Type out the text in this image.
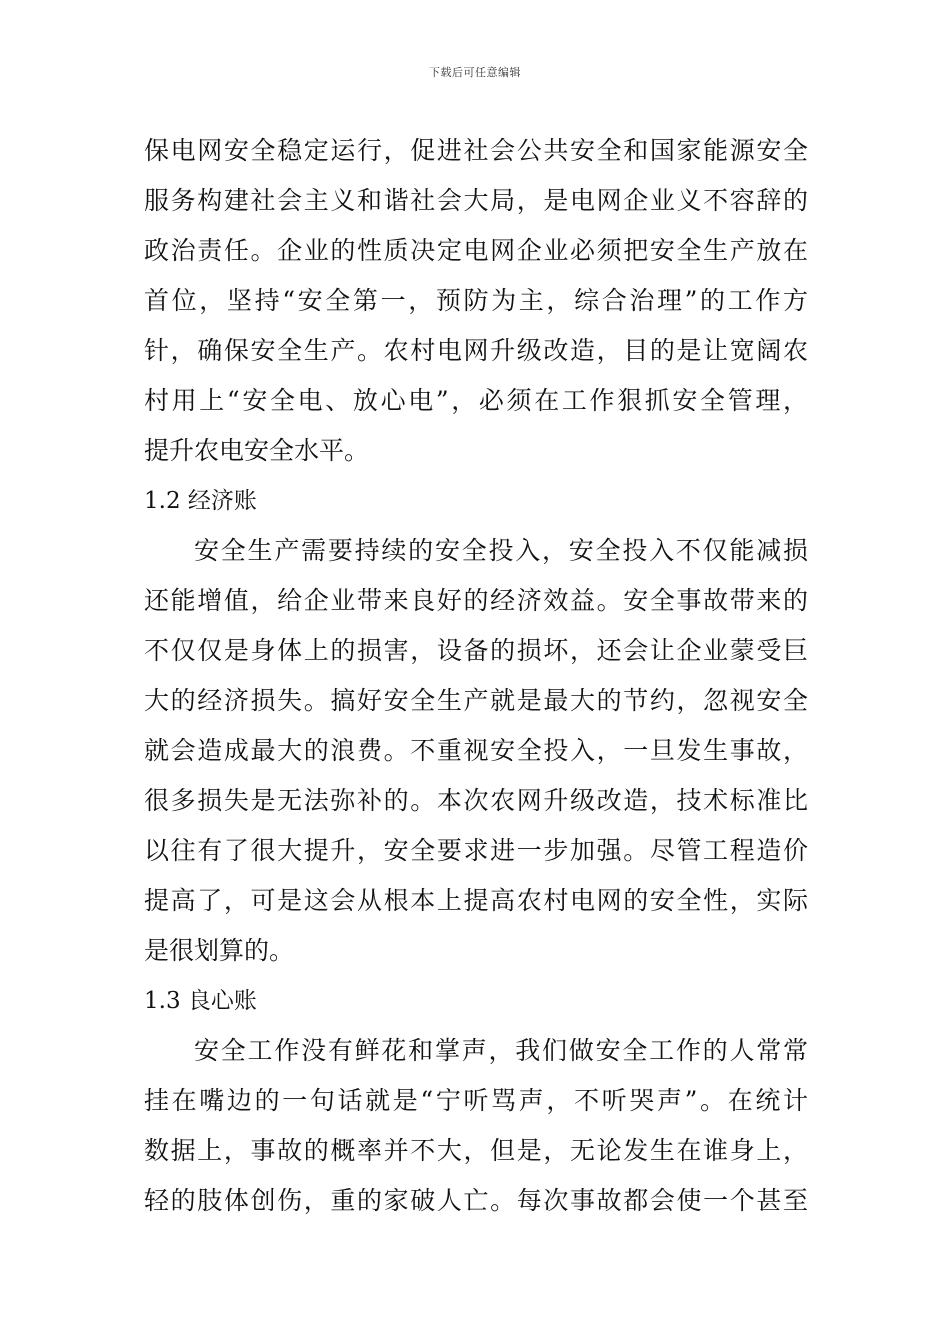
下载后可任意编辑
保电网安全稳定运行，促进社会公共安全和国家能源安全
服务构建社会主义和谐社会大局，是电网企业义不容辞的
政治责任。企业的性质决定电网企业必须把安全生产放在
首位，坚持“安全第一，预防为主，综合治理”的工作方
针，确保安全生产。农村电网升级改造，目的是让宽阔农
村用上“安全电、放心电”，必须在工作狠抓安全管理，
提升农电安全水平。
1.2 经济账
安全生产需要持续的安全投入，安全投入不仅能减损
还能增值，给企业带来良好的经济效益。安全事故带来的
不仅仅是身体上的损害，设备的损坏，还会让企业蒙受巨
大的经济损失。搞好安全生产就是最大的节约，忽视安全
就会造成最大的浪费。不重视安全投入，一旦发生事故，
很多损失是无法弥补的。本次农网升级改造，技术标准比
以往有了很大提升，安全要求进一步加强。尽管工程造价
提高了，可是这会从根本上提高农村电网的安全性，实际
是很划算的。
1.3 良心账
安全工作没有鲜花和掌声，我们做安全工作的人常常
挂在嘴边的一句话就是“宁听骂声，不听哭声”。在统计
数据上，事故的概率并不大，但是，无论发生在谁身上，
轻的肢体创伤，重的家破人亡。每次事故都会使一个甚至
